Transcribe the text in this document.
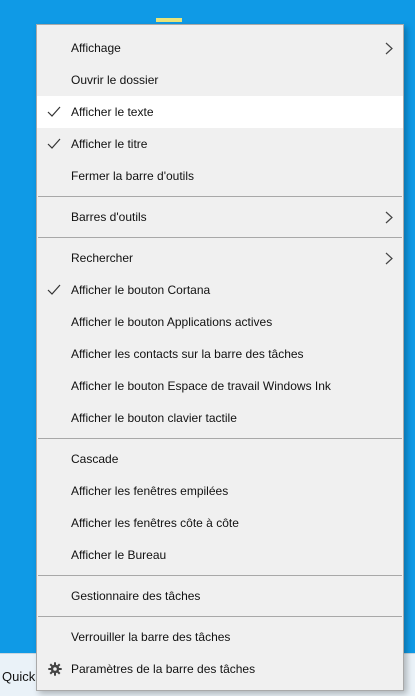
Quick
Affichage
Ouvrir le dossier
Afficher le texte
Afficher le titre
Fermer la barre d'outils
Barres d'outils
Rechercher
Afficher le bouton Cortana
Afficher le bouton Applications actives
Afficher les contacts sur la barre des tâches
Afficher le bouton Espace de travail Windows Ink
Afficher le bouton clavier tactile
Cascade
Afficher les fenêtres empilées
Afficher les fenêtres côte à côte
Afficher le Bureau
Gestionnaire des tâches
Verrouiller la barre des tâches
Paramètres de la barre des tâches
